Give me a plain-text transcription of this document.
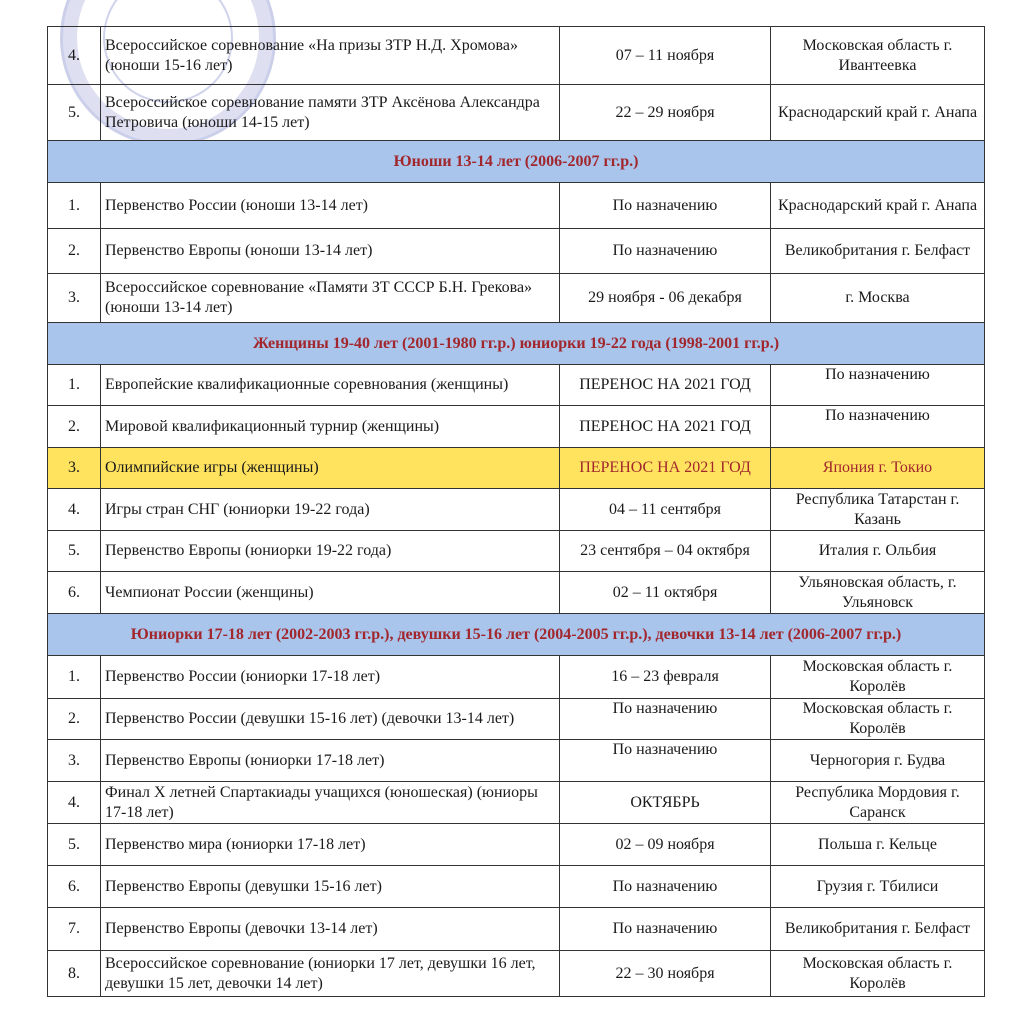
4.	Всероссийское соревнование «На призы ЗТР Н.Д. Хромова» (юноши 15-16 лет)	07 – 11 ноября	Московская область г. Ивантеевка
5.	Всероссийское соревнование памяти ЗТР Аксёнова Александра Петровича (юноши 14-15 лет)	22 – 29 ноября	Краснодарский край г. Анапа
Юноши 13-14 лет (2006-2007 гг.р.)			
1.	Первенство России (юноши 13-14 лет)	По назначению	Краснодарский край г. Анапа
2.	Первенство Европы (юноши 13-14 лет)	По назначению	Великобритания г. Белфаст
3.	Всероссийское соревнование «Памяти ЗТ СССР Б.Н. Грекова» (юноши 13-14 лет)	29 ноября - 06 декабря	г. Москва
Женщины 19-40 лет (2001-1980 гг.р.) юниорки 19-22 года (1998-2001 гг.р.)			
1.	Европейские квалификационные соревнования (женщины)	ПЕРЕНОС НА 2021 ГОД	По назначению
2.	Мировой квалификационный турнир (женщины)	ПЕРЕНОС НА 2021 ГОД	По назначению
3.	Олимпийские игры (женщины)	ПЕРЕНОС НА 2021 ГОД	Япония г. Токио
4.	Игры стран СНГ (юниорки 19-22 года)	04 – 11 сентября	Республика Татарстан г. Казань
5.	Первенство Европы (юниорки 19-22 года)	23 сентября – 04 октября	Италия г. Ольбия
6.	Чемпионат России (женщины)	02 – 11 октября	Ульяновская область, г. Ульяновск
Юниорки 17-18 лет (2002-2003 гг.р.), девушки 15-16 лет (2004-2005 гг.р.), девочки 13-14 лет (2006-2007 гг.р.)			
1.	Первенство России (юниорки 17-18 лет)	16 – 23 февраля	Московская область г. Королёв
2.	Первенство России (девушки 15-16 лет) (девочки 13-14 лет)	По назначению	Московская область г. Королёв
3.	Первенство Европы (юниорки 17-18 лет)	По назначению	Черногория г. Будва
4.	Финал X летней Спартакиады учащихся (юношеская) (юниоры 17-18 лет)	ОКТЯБРЬ	Республика Мордовия г. Саранск
5.	Первенство мира (юниорки 17-18 лет)	02 – 09 ноября	Польша г. Кельце
6.	Первенство Европы (девушки 15-16 лет)	По назначению	Грузия г. Тбилиси
7.	Первенство Европы (девочки 13-14 лет)	По назначению	Великобритания г. Белфаст
8.	Всероссийское соревнование (юниорки 17 лет, девушки 16 лет, девушки 15 лет, девочки 14 лет)	22 – 30 ноября	Московская область г. Королёв
